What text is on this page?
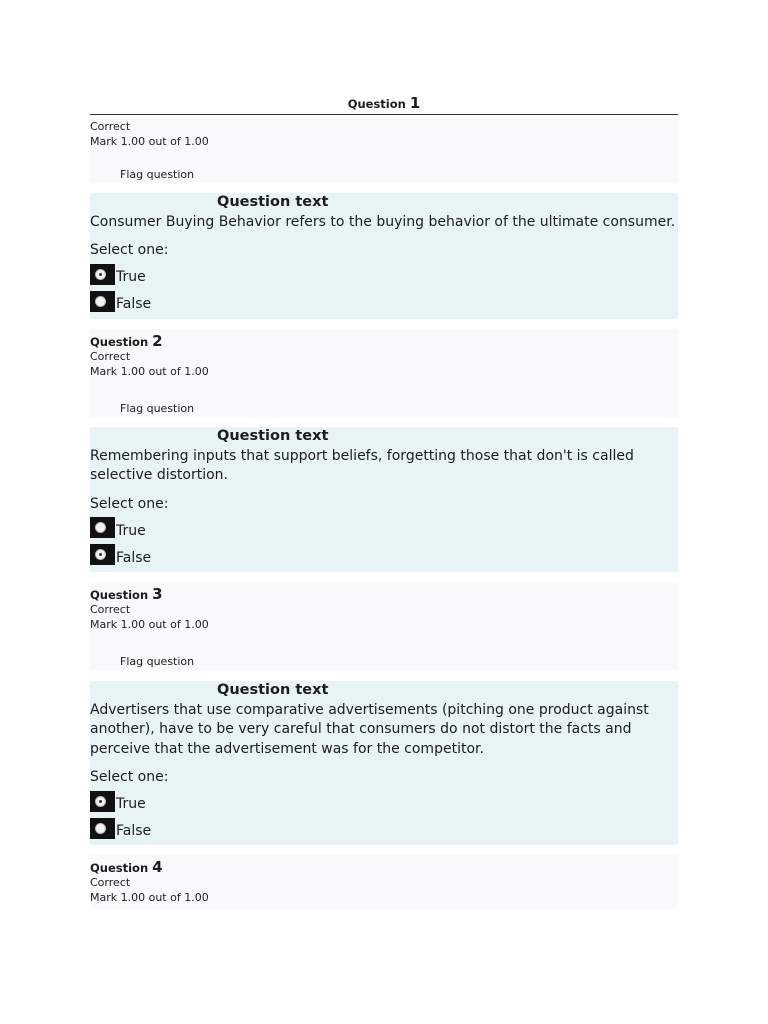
Question 1
Correct
Mark 1.00 out of 1.00
Flag question
Question text
Consumer Buying Behavior refers to the buying behavior of the ultimate consumer.
Select one:
True
False
Question 2
Correct
Mark 1.00 out of 1.00
Flag question
Question text
Remembering inputs that support beliefs, forgetting those that don't is called selective distortion.
Select one:
True
False
Question 3
Correct
Mark 1.00 out of 1.00
Flag question
Question text
Advertisers that use comparative advertisements (pitching one product against another), have to be very careful that consumers do not distort the facts and perceive that the advertisement was for the competitor.
Select one:
True
False
Question 4
Correct
Mark 1.00 out of 1.00
